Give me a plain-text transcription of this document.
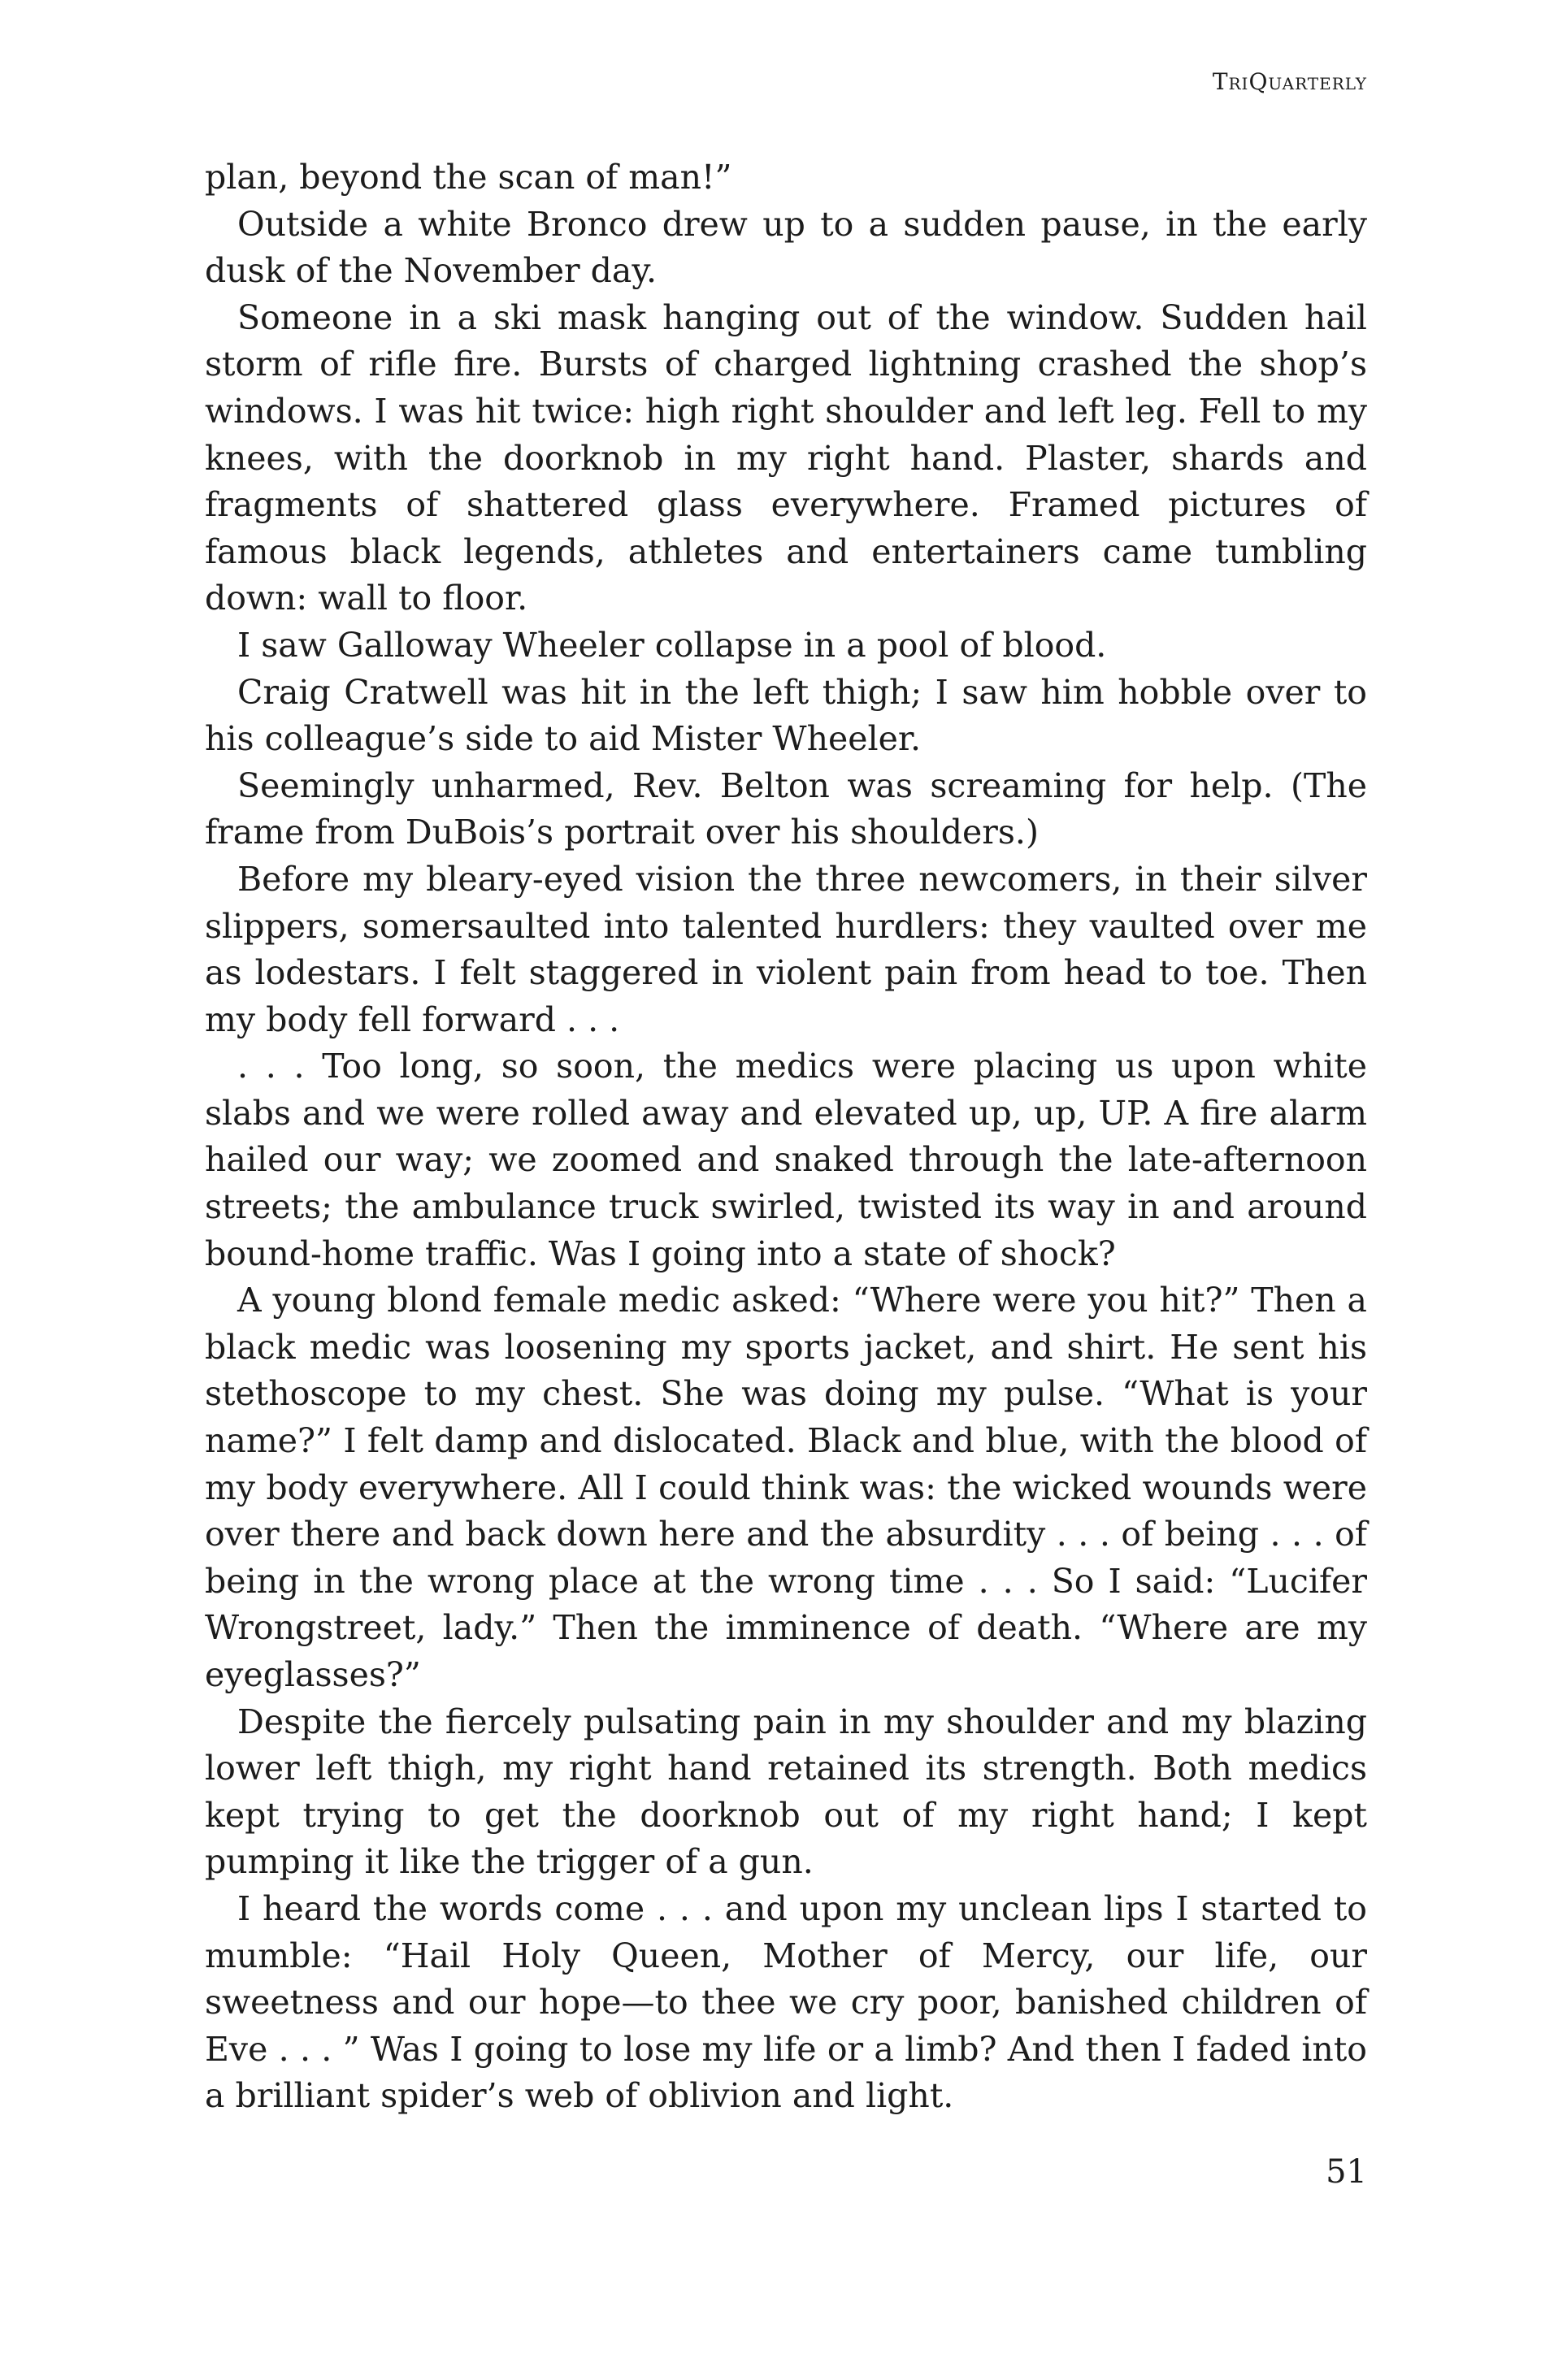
TriQuarterly

plan, beyond the scan of man!”

Outside a white Bronco drew up to a sudden pause, in the early dusk of the November day.

Someone in a ski mask hanging out of the window. Sudden hail storm of rifle fire. Bursts of charged lightning crashed the shop’s windows. I was hit twice: high right shoulder and left leg. Fell to my knees, with the doorknob in my right hand. Plaster, shards and fragments of shattered glass everywhere. Framed pictures of famous black legends, athletes and entertainers came tumbling down: wall to floor.

I saw Galloway Wheeler collapse in a pool of blood.

Craig Cratwell was hit in the left thigh; I saw him hobble over to his colleague’s side to aid Mister Wheeler.

Seemingly unharmed, Rev. Belton was screaming for help. (The frame from DuBois’s portrait over his shoulders.)

Before my bleary-eyed vision the three newcomers, in their silver slippers, somersaulted into talented hurdlers: they vaulted over me as lodestars. I felt staggered in violent pain from head to toe. Then my body fell forward . . .

. . . Too long, so soon, the medics were placing us upon white slabs and we were rolled away and elevated up, up, UP. A fire alarm hailed our way; we zoomed and snaked through the late-afternoon streets; the ambulance truck swirled, twisted its way in and around bound-home traffic. Was I going into a state of shock?

A young blond female medic asked: “Where were you hit?” Then a black medic was loosening my sports jacket, and shirt. He sent his stethoscope to my chest. She was doing my pulse. “What is your name?” I felt damp and dislocated. Black and blue, with the blood of my body everywhere. All I could think was: the wicked wounds were over there and back down here and the absurdity . . . of being . . . of being in the wrong place at the wrong time . . . So I said: “Lucifer Wrongstreet, lady.” Then the imminence of death. “Where are my eyeglasses?”

Despite the fiercely pulsating pain in my shoulder and my blazing lower left thigh, my right hand retained its strength. Both medics kept trying to get the doorknob out of my right hand; I kept pumping it like the trigger of a gun.

I heard the words come . . . and upon my unclean lips I started to mumble: “Hail Holy Queen, Mother of Mercy, our life, our sweetness and our hope—to thee we cry poor, banished children of Eve . . . ” Was I going to lose my life or a limb? And then I faded into a brilliant spider’s web of oblivion and light.

51
